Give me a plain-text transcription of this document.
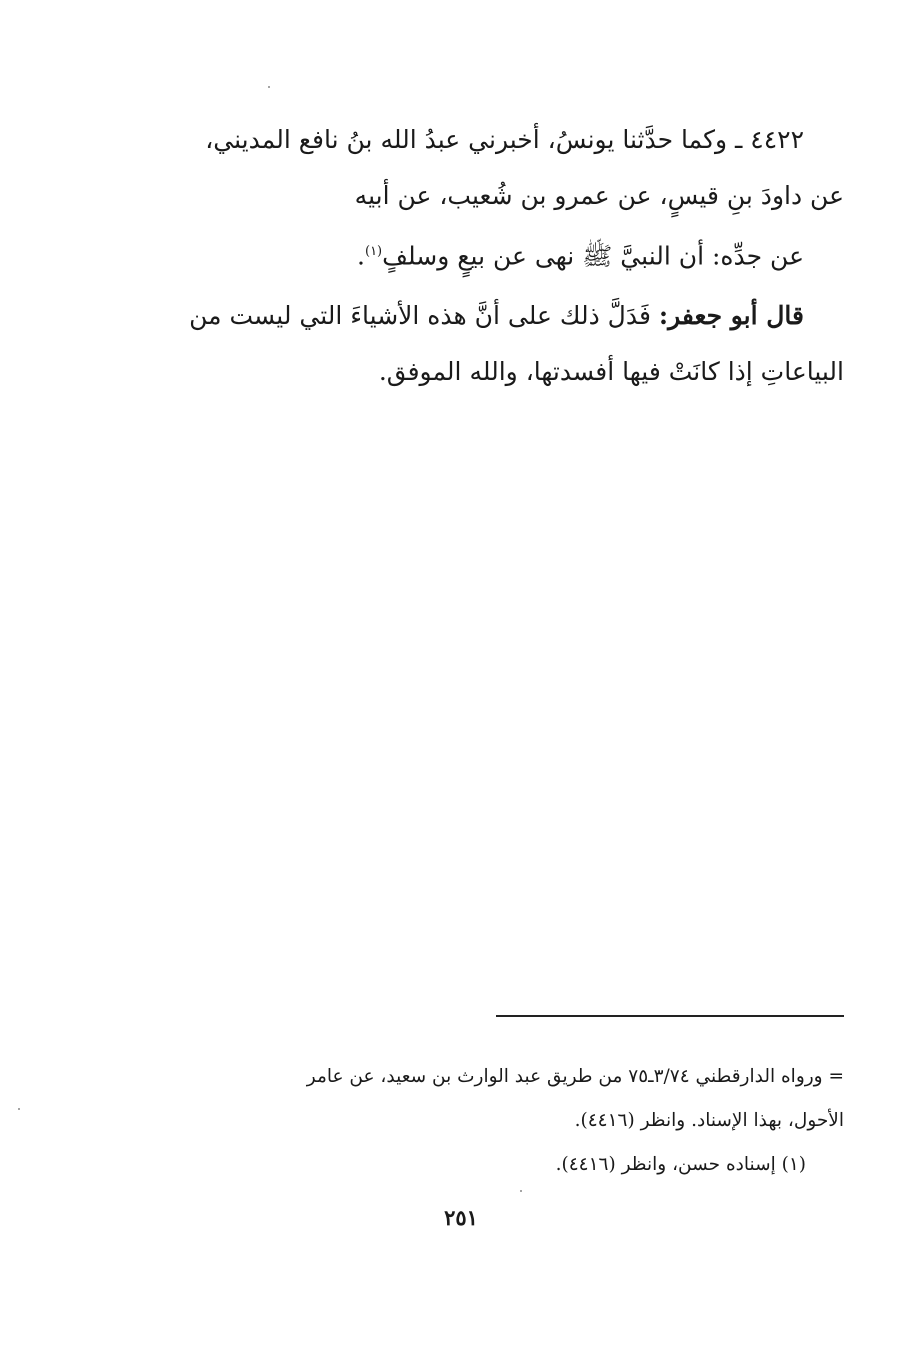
٤٤٢٢ ـ وكما حدَّثنا يونسُ، أخبرني عبدُ الله بنُ نافع المديني،

عن داودَ بنِ قيسٍ، عن عمرو بن شُعيب، عن أبيه

عن جدِّه: أن النبيَّ ﷺ نهى عن بيعٍ وسلفٍ$^{(١)}$.

قال أبو جعفر: فَدَلَّ ذلك على أنَّ هذه الأشياءَ التي ليست من

البياعاتِ إذا كانَتْ فيها أفسدتها، والله الموفق.

= ورواه الدارقطني ٣/٧٤ـ٧٥ من طريق عبد الوارث بن سعيد، عن عامر

الأحول، بهذا الإسناد. وانظر (٤٤١٦).

(١) إسناده حسن، وانظر (٤٤١٦).

٢٥١
